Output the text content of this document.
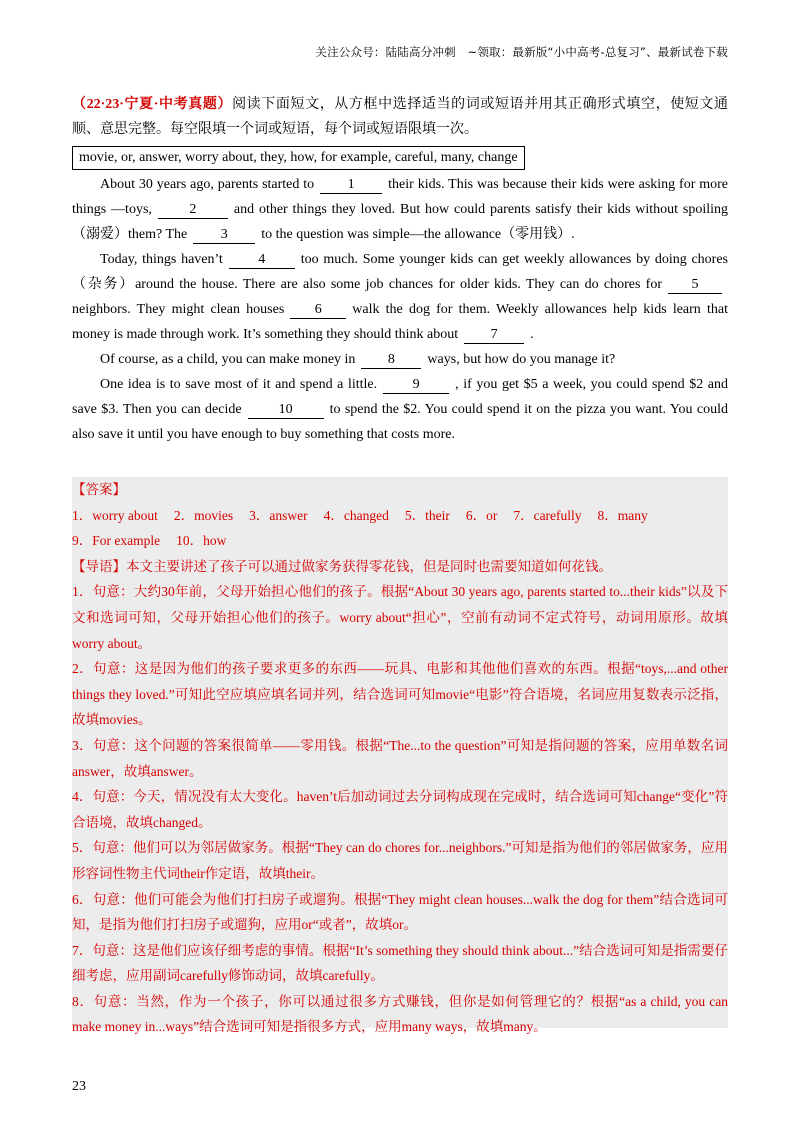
关注公众号：陆陆高分冲刺　~领取：最新版“小中高考-总复习”、最新试卷下载

（22·23·宁夏·中考真题）阅读下面短文，从方框中选择适当的词或短语并用其正确形式填空，使短文通顺、意思完整。每空限填一个词或短语，每个词或短语限填一次。

movie, or, answer, worry about, they, how, for example, careful, many, change

About 30 years ago, parents started to 1 their kids. This was because their kids were asking for more things —toys,	2	and other things they loved. But how could parents satisfy their kids without spoiling（溺爱）them? The 3 to the question was simple—the allowance（零用钱）.

Today, things haven’t	4	too much. Some younger kids can get weekly allowances by doing chores（杂务）around the house. There are also some job chances for older kids. They can do chores for 5neighbors. They might clean houses 6 walk the dog for them. Weekly allowances help kids learn that money is made through work. It’s something they should think about 7 .

Of course, as a child, you can make money in 8 ways, but how do you manage it?

One idea is to save most of it and spend a little.	9	, if you get $5 a week, you could spend $2 and save $3. Then you can decide	10	to spend the $2. You could spend it on the pizza you want. You could also save it until you have enough to buy something that costs more.

【答案】

1．worry about 2．movies 3．answer 4．changed 5．their 6．or 7．carefully 8．many9．For example 10．how

【导语】本文主要讲述了孩子可以通过做家务获得零花钱，但是同时也需要知道如何花钱。

1．句意：大约30年前，父母开始担心他们的孩子。根据“About 30 years ago, parents started to...their kids”以及下文和选词可知，父母开始担心他们的孩子。worry about“担心”，空前有动词不定式符号，动词用原形。故填worry about。

2．句意：这是因为他们的孩子要求更多的东西——玩具、电影和其他他们喜欢的东西。根据“toys,...and other things they loved.”可知此空应填应填名词并列，结合选词可知movie“电影”符合语境，名词应用复数表示泛指，故填movies。

3．句意：这个问题的答案很简单——零用钱。根据“The...to the question”可知是指问题的答案，应用单数名词answer，故填answer。

4．句意：今天，情况没有太大变化。haven’t后加动词过去分词构成现在完成时，结合选词可知change“变化”符合语境，故填changed。

5．句意：他们可以为邻居做家务。根据“They can do chores for...neighbors.”可知是指为他们的邻居做家务，应用形容词性物主代词their作定语，故填their。

6．句意：他们可能会为他们打扫房子或遛狗。根据“They might clean houses...walk the dog for them”结合选词可知，是指为他们打扫房子或遛狗，应用or“或者”，故填or。

7．句意：这是他们应该仔细考虑的事情。根据“It’s something they should think about...”结合选词可知是指需要仔细考虑，应用副词carefully修饰动词，故填carefully。

8．句意：当然，作为一个孩子，你可以通过很多方式赚钱，但你是如何管理它的？根据“as a child, you can make money in...ways”结合选词可知是指很多方式，应用many ways，故填many。

23
